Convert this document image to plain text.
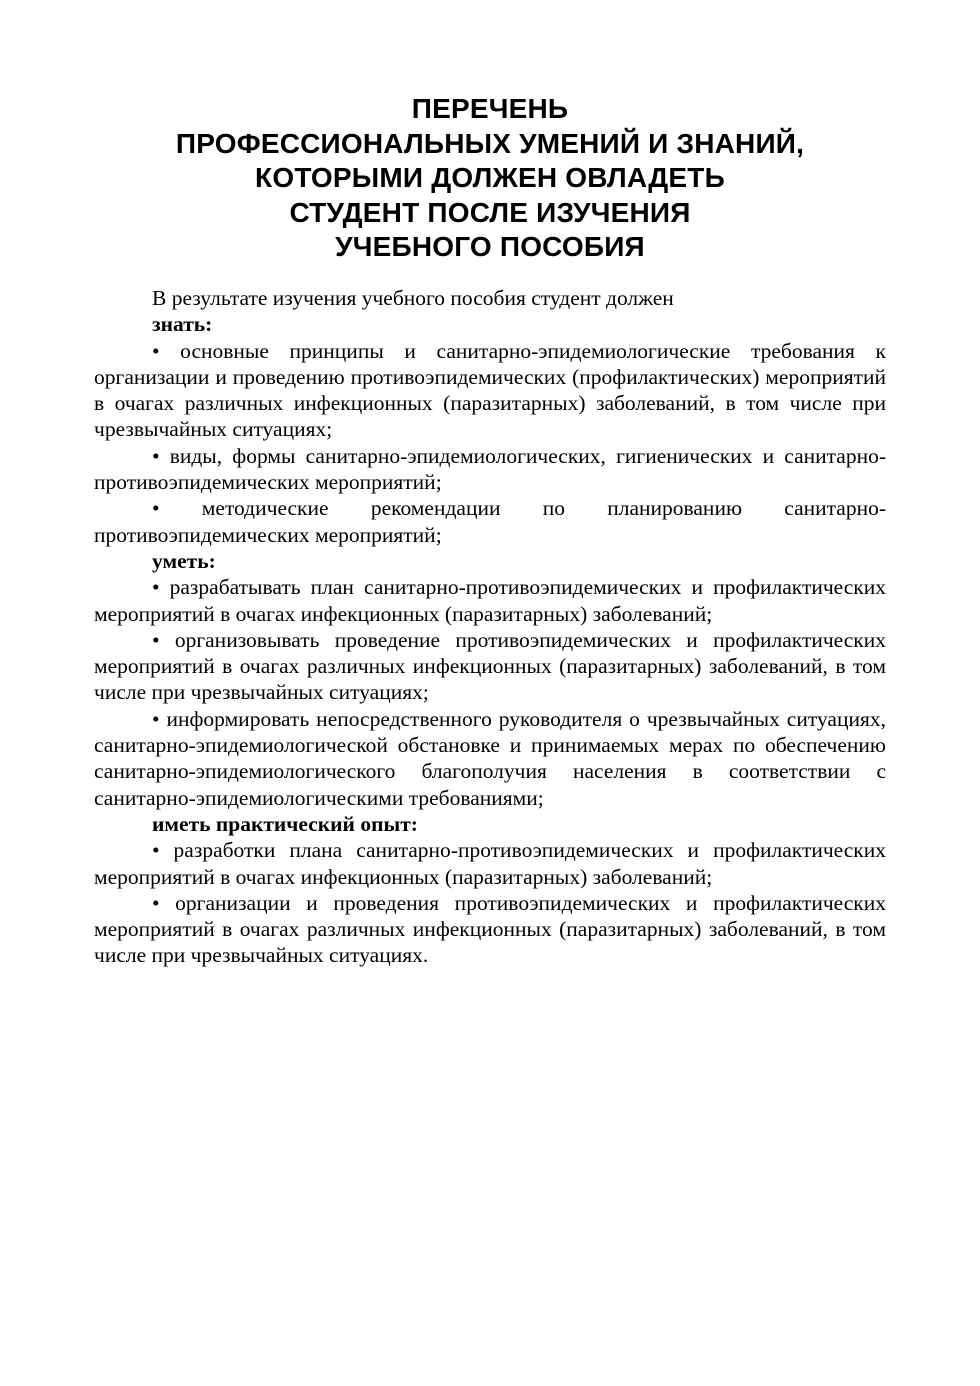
ПЕРЕЧЕНЬ
ПРОФЕССИОНАЛЬНЫХ УМЕНИЙ И ЗНАНИЙ,
КОТОРЫМИ ДОЛЖЕН ОВЛАДЕТЬ
СТУДЕНТ ПОСЛЕ ИЗУЧЕНИЯ
УЧЕБНОГО ПОСОБИЯ

В результате изучения учебного пособия студент должен

знать:

• основные принципы и санитарно-эпидемиологические требования к организации и проведению противоэпидемических (профилактических) мероприятий в очагах различных инфекционных (паразитарных) заболеваний, в том числе при чрезвычайных ситуациях;

• виды, формы санитарно-эпидемиологических, гигиенических и санитарно-противоэпидемических мероприятий;

• методические рекомендации по планированию санитарно-противоэпидемических мероприятий;

уметь:

• разрабатывать план санитарно-противоэпидемических и профилактических мероприятий в очагах инфекционных (паразитарных) заболеваний;

• организовывать проведение противоэпидемических и профилактических мероприятий в очагах различных инфекционных (паразитарных) заболеваний, в том числе при чрезвычайных ситуациях;

• информировать непосредственного руководителя о чрезвычайных ситуациях, санитарно-эпидемиологической обстановке и принимаемых мерах по обеспечению санитарно-эпидемиологического благополучия населения в соответствии с санитарно-эпидемиологическими требованиями;

иметь практический опыт:

• разработки плана санитарно-противоэпидемических и профилактических мероприятий в очагах инфекционных (паразитарных) заболеваний;

• организации и проведения противоэпидемических и профилактических мероприятий в очагах различных инфекционных (паразитарных) заболеваний, в том числе при чрезвычайных ситуациях.
